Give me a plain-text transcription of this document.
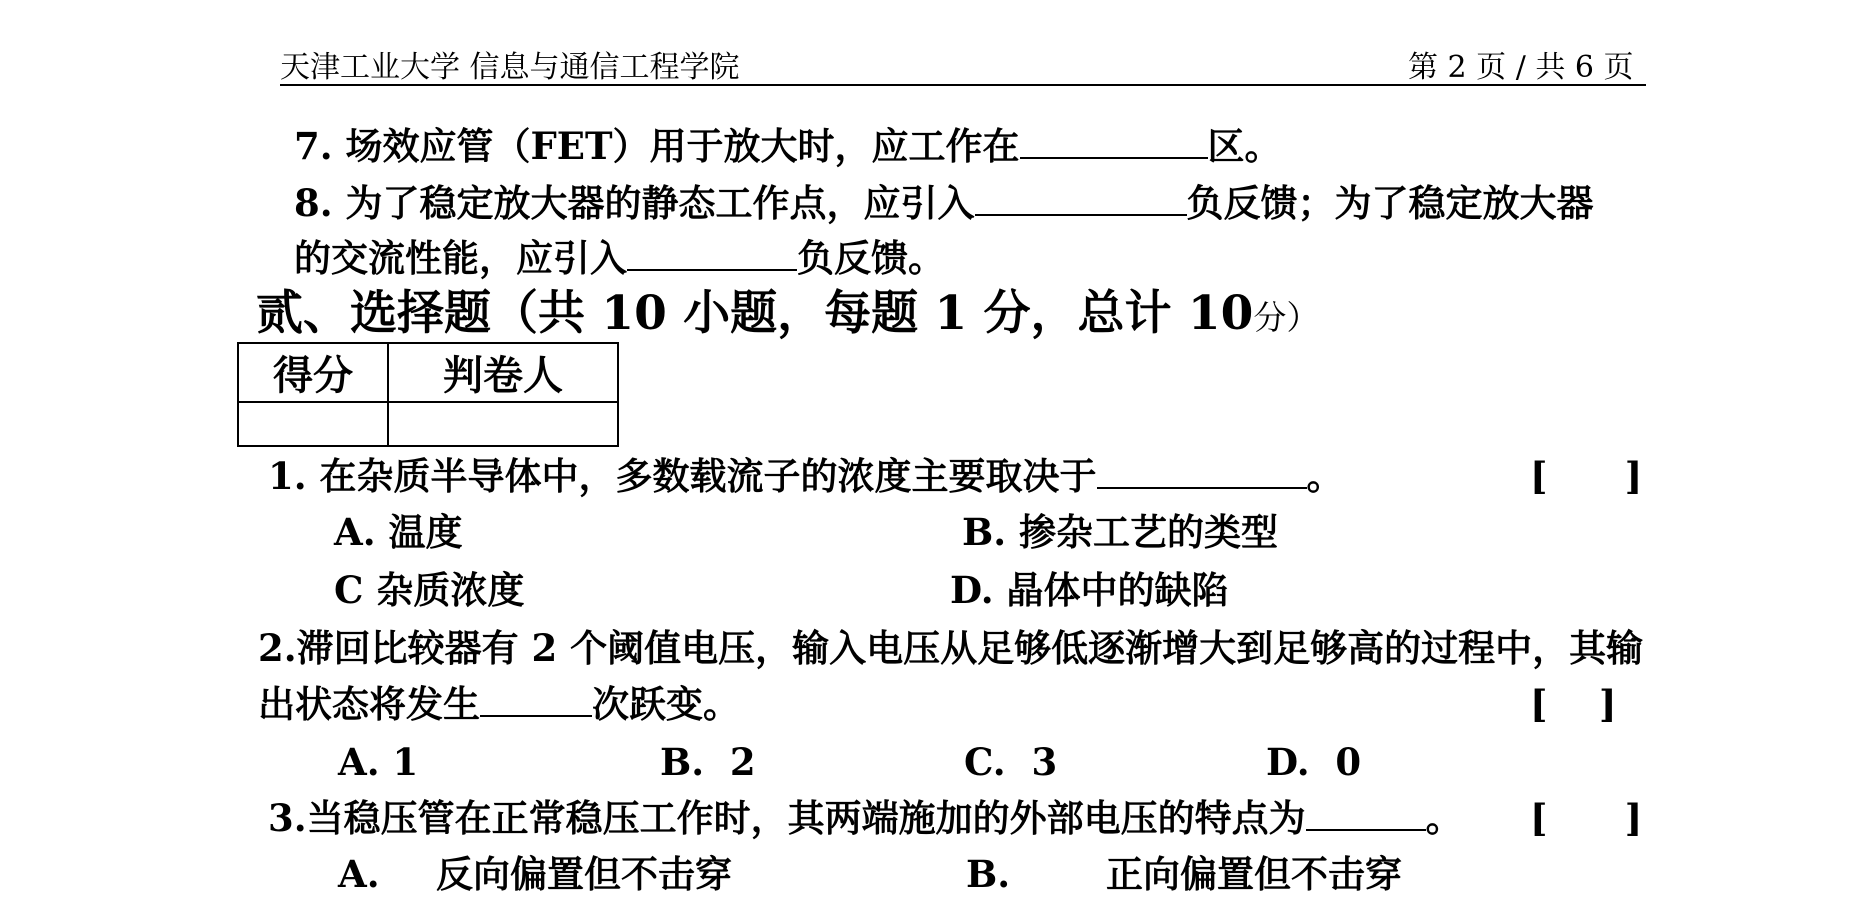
天津工业大学 信息与通信工程学院	第 2 页 / 共 6 页
7. 场效应管（FET）用于放大时，应工作在	区。
8. 为了稳定放大器的静态工作点，应引入	负反馈；为了稳定放大器
的交流性能，应引入	负反馈。
贰、选择题（共 10 小题，每题 1 分，总计 10分）
得分	判卷人

1. 在杂质半导体中，多数载流子的浓度主要取决于	。	[      ]
A. 温度	B. 掺杂工艺的类型
C 杂质浓度	D. 晶体中的缺陷
2.滞回比较器有 2 个阈值电压，输入电压从足够低逐渐增大到足够高的过程中，其输
出状态将发生	次跃变。	[    ]
A. 1	B.  2	C.  3	D.  0
3.当稳压管在正常稳压工作时，其两端施加的外部电压的特点为	。 [      ]
A. 反向偏置但不击穿	B.	正向偏置但不击穿
